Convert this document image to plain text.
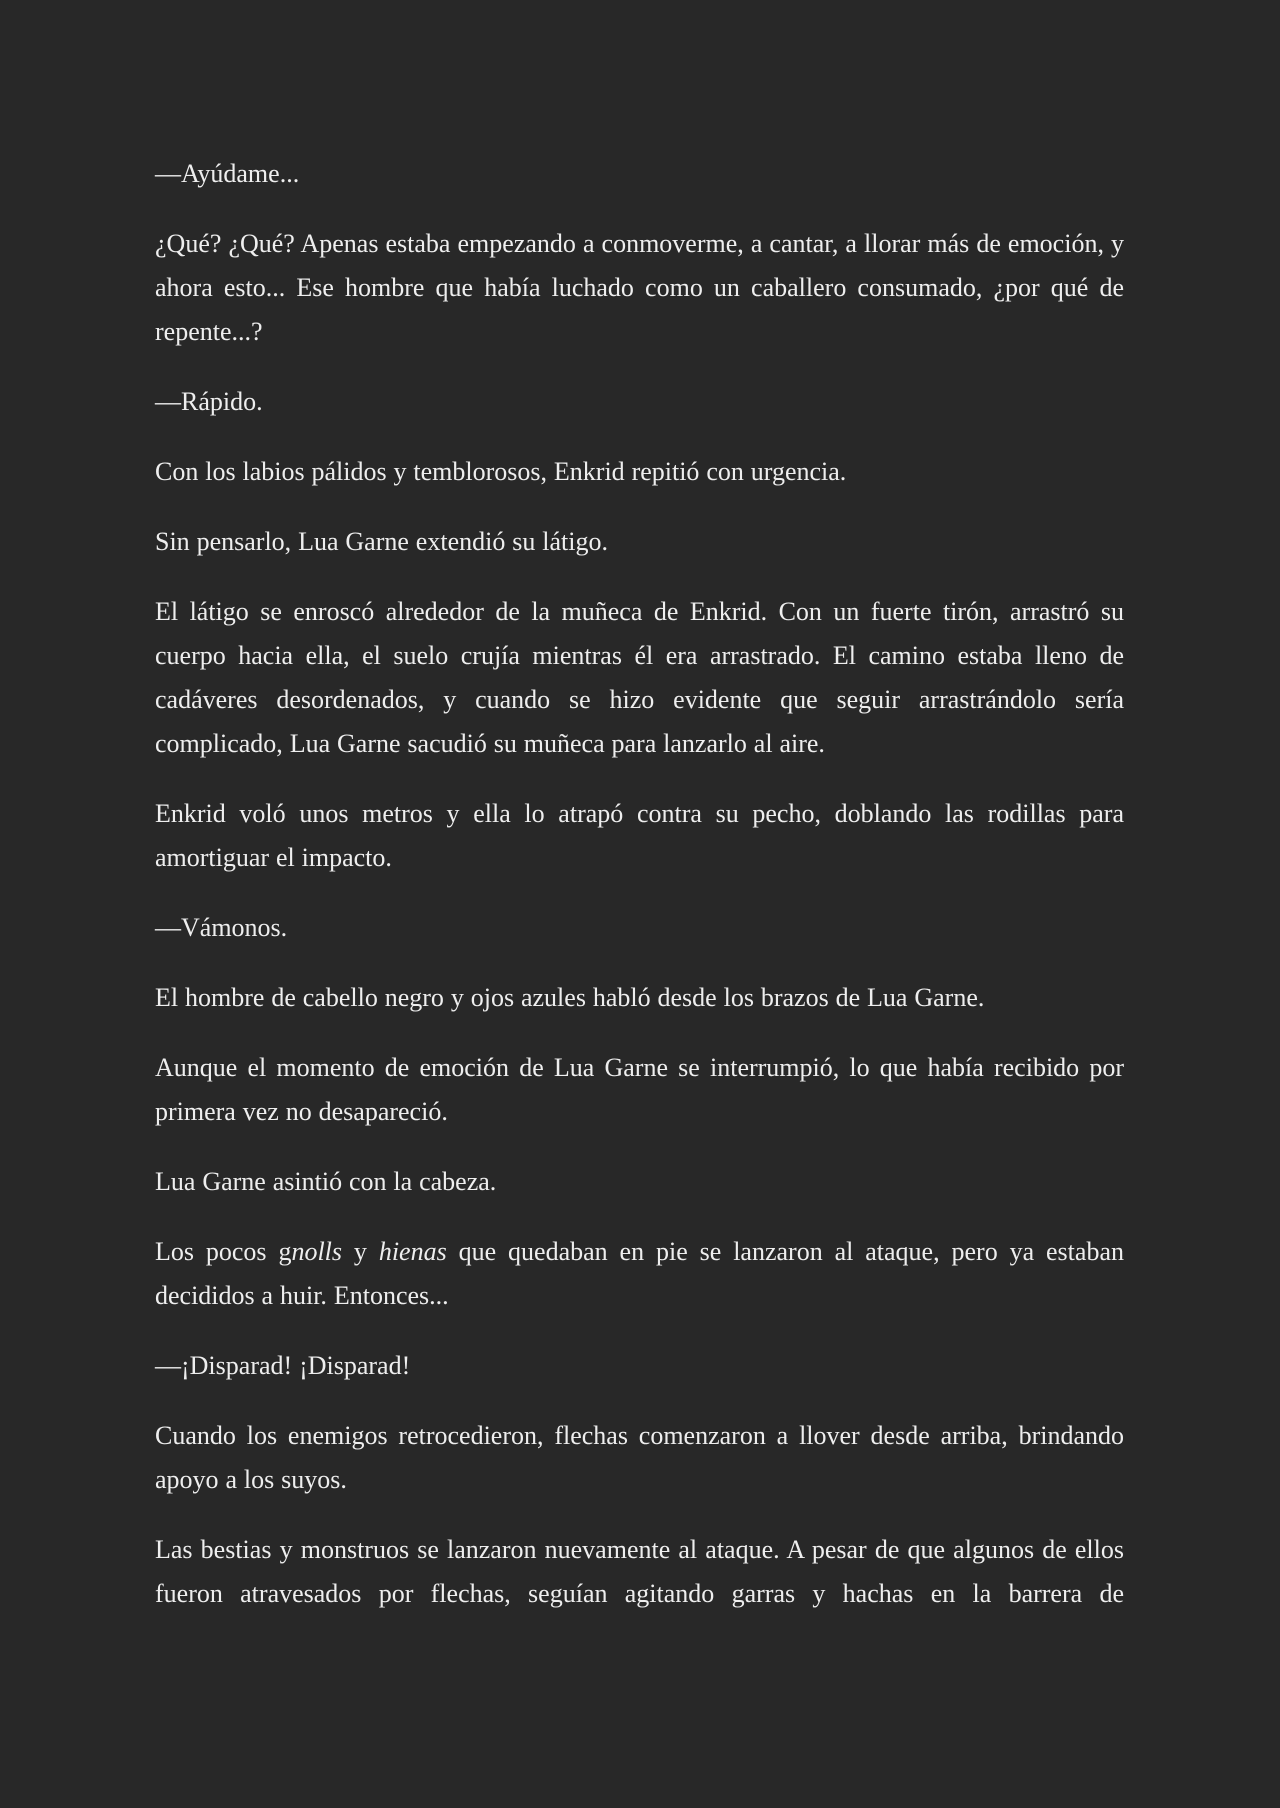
—Ayúdame...

¿Qué? ¿Qué? Apenas estaba empezando a conmoverme, a cantar, a llorar más de emoción, y ahora esto... Ese hombre que había luchado como un caballero consumado, ¿por qué de repente...?

—Rápido.

Con los labios pálidos y temblorosos, Enkrid repitió con urgencia.

Sin pensarlo, Lua Garne extendió su látigo.

El látigo se enroscó alrededor de la muñeca de Enkrid. Con un fuerte tirón, arrastró su cuerpo hacia ella, el suelo crujía mientras él era arrastrado. El camino estaba lleno de cadáveres desordenados, y cuando se hizo evidente que seguir arrastrándolo sería complicado, Lua Garne sacudió su muñeca para lanzarlo al aire.

Enkrid voló unos metros y ella lo atrapó contra su pecho, doblando las rodillas para amortiguar el impacto.

—Vámonos.

El hombre de cabello negro y ojos azules habló desde los brazos de Lua Garne.

Aunque el momento de emoción de Lua Garne se interrumpió, lo que había recibido por primera vez no desapareció.

Lua Garne asintió con la cabeza.

Los pocos gnolls y hienas que quedaban en pie se lanzaron al ataque, pero ya estaban decididos a huir. Entonces...

—¡Disparad! ¡Disparad!

Cuando los enemigos retrocedieron, flechas comenzaron a llover desde arriba, brindando apoyo a los suyos.

Las bestias y monstruos se lanzaron nuevamente al ataque. A pesar de que algunos de ellos fueron atravesados por flechas, seguían agitando garras y hachas en la barrera de
